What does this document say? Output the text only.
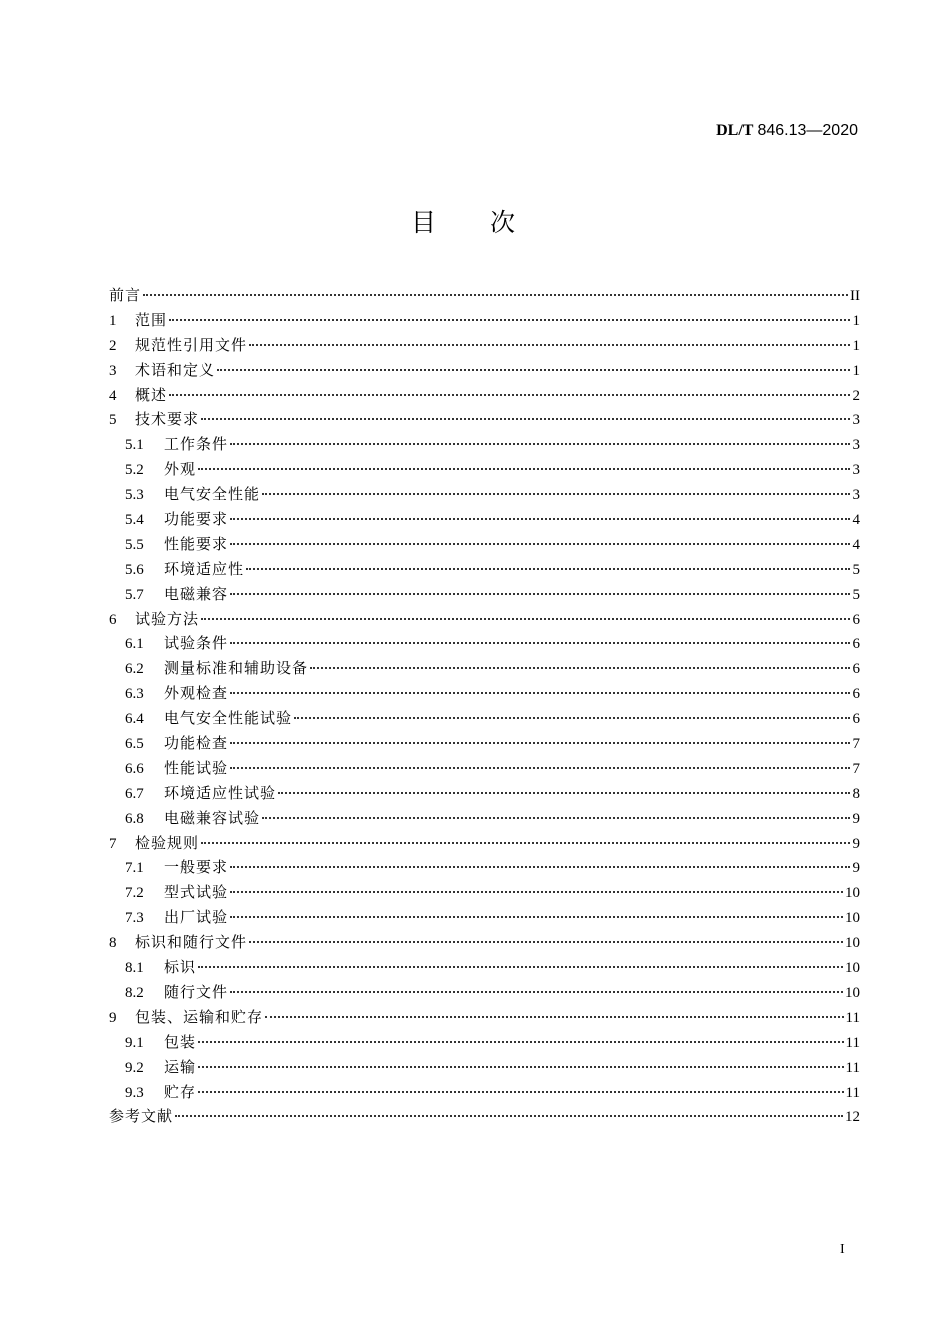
DL/T 846.13—2020
目次
前言	II
1	范围	1
2	规范性引用文件	1
3	术语和定义	1
4	概述	2
5	技术要求	3
5.1	工作条件	3
5.2	外观	3
5.3	电气安全性能	3
5.4	功能要求	4
5.5	性能要求	4
5.6	环境适应性	5
5.7	电磁兼容	5
6	试验方法	6
6.1	试验条件	6
6.2	测量标准和辅助设备	6
6.3	外观检查	6
6.4	电气安全性能试验	6
6.5	功能检查	7
6.6	性能试验	7
6.7	环境适应性试验	8
6.8	电磁兼容试验	9
7	检验规则	9
7.1	一般要求	9
7.2	型式试验	10
7.3	出厂试验	10
8	标识和随行文件	10
8.1	标识	10
8.2	随行文件	10
9	包装、运输和贮存	11
9.1	包装	11
9.2	运输	11
9.3	贮存	11
参考文献	12
I
